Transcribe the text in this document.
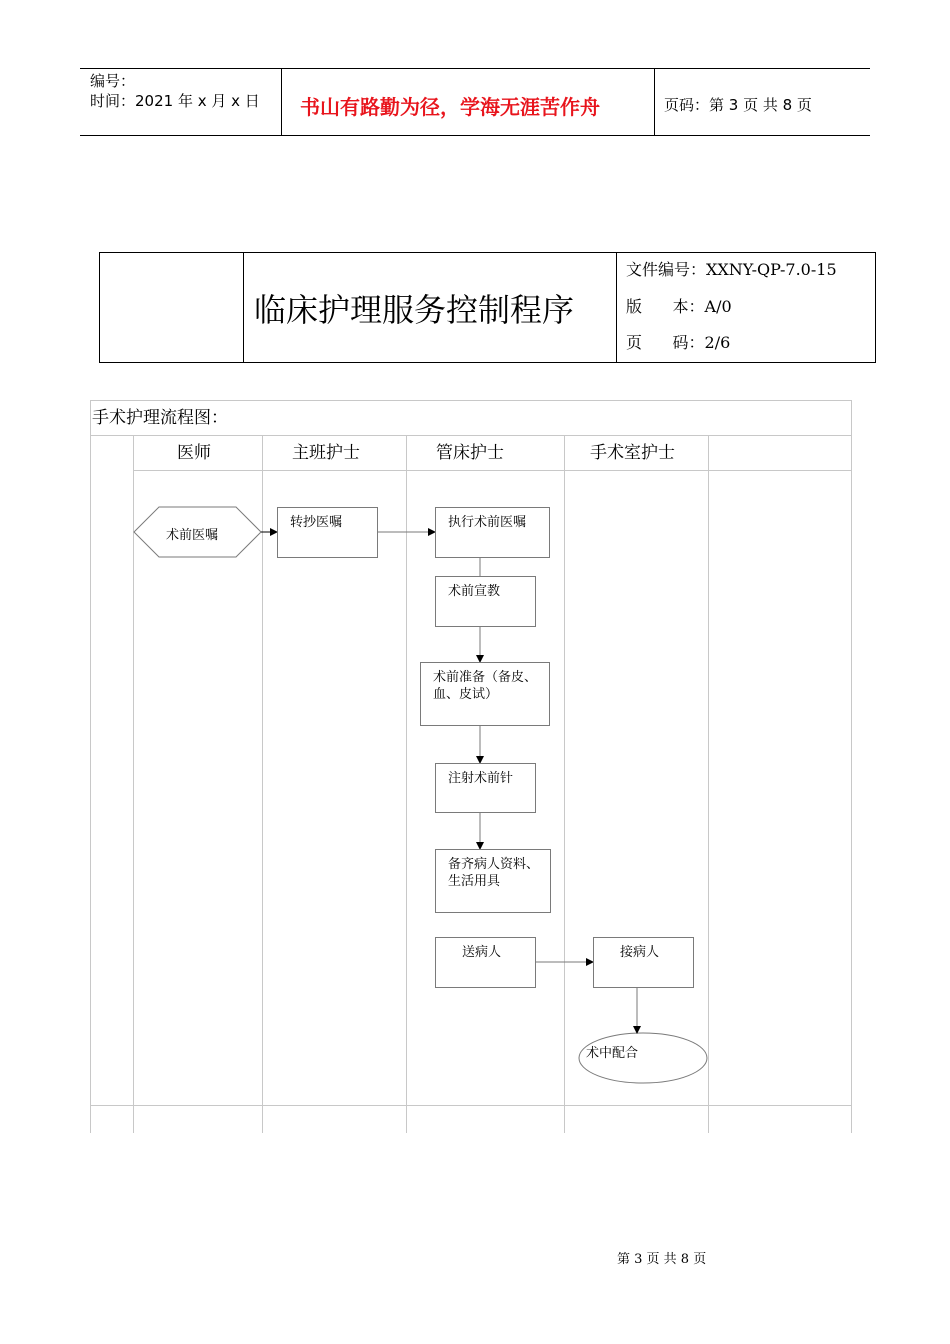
编号：
时间：2021 年 x 月 x 日 书山有路勤为径，学海无涯苦作舟	页码：第 3 页 共 8 页
临床护理服务控制程序
文件编号：XXNY-QP-7.0-15
版      本：A/0
页      码：2/6
手术护理流程图：
医师	主班护士	管床护士	手术室护士
术前医嘱
转抄医嘱	执行术前医嘱
术前宣教
术前准备（备皮、血、皮试）
注射术前针
备齐病人资料、生活用具
送病人	接病人
术中配合
第 3 页 共 8 页
